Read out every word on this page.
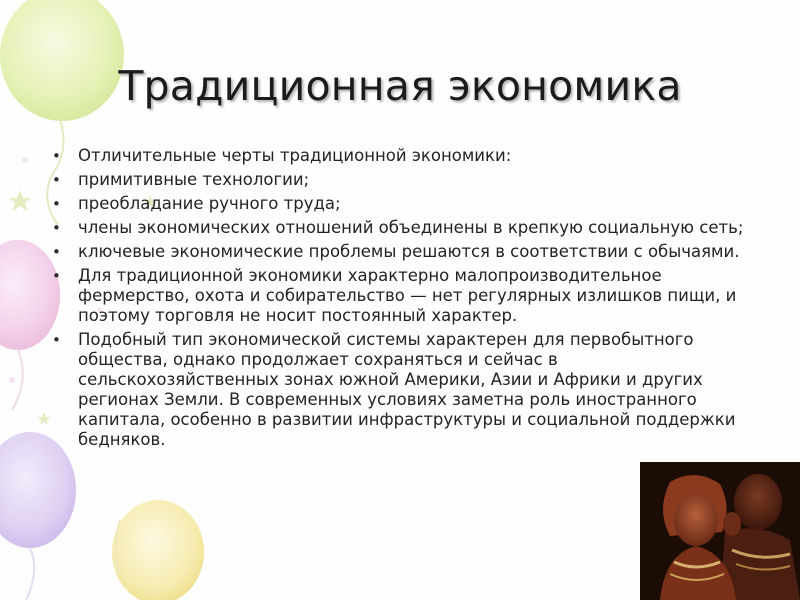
Традиционная экономика
• Отличительные черты традиционной экономики:
• примитивные технологии;
• преобладание ручного труда;
• члены экономических отношений объединены в крепкую социальную сеть;
• ключевые экономические проблемы решаются в соответствии с обычаями.
• Для традиционной экономики характерно малопроизводительное фермерство, охота и собирательство — нет регулярных излишков пищи, и поэтому торговля не носит постоянный характер.
• Подобный тип экономической системы характерен для первобытного общества, однако продолжает сохраняться и сейчас в сельскохозяйственных зонах южной Америки, Азии и Африки и других регионах Земли. В современных условиях заметна роль иностранного капитала, особенно в развитии инфраструктуры и социальной поддержки бедняков.
